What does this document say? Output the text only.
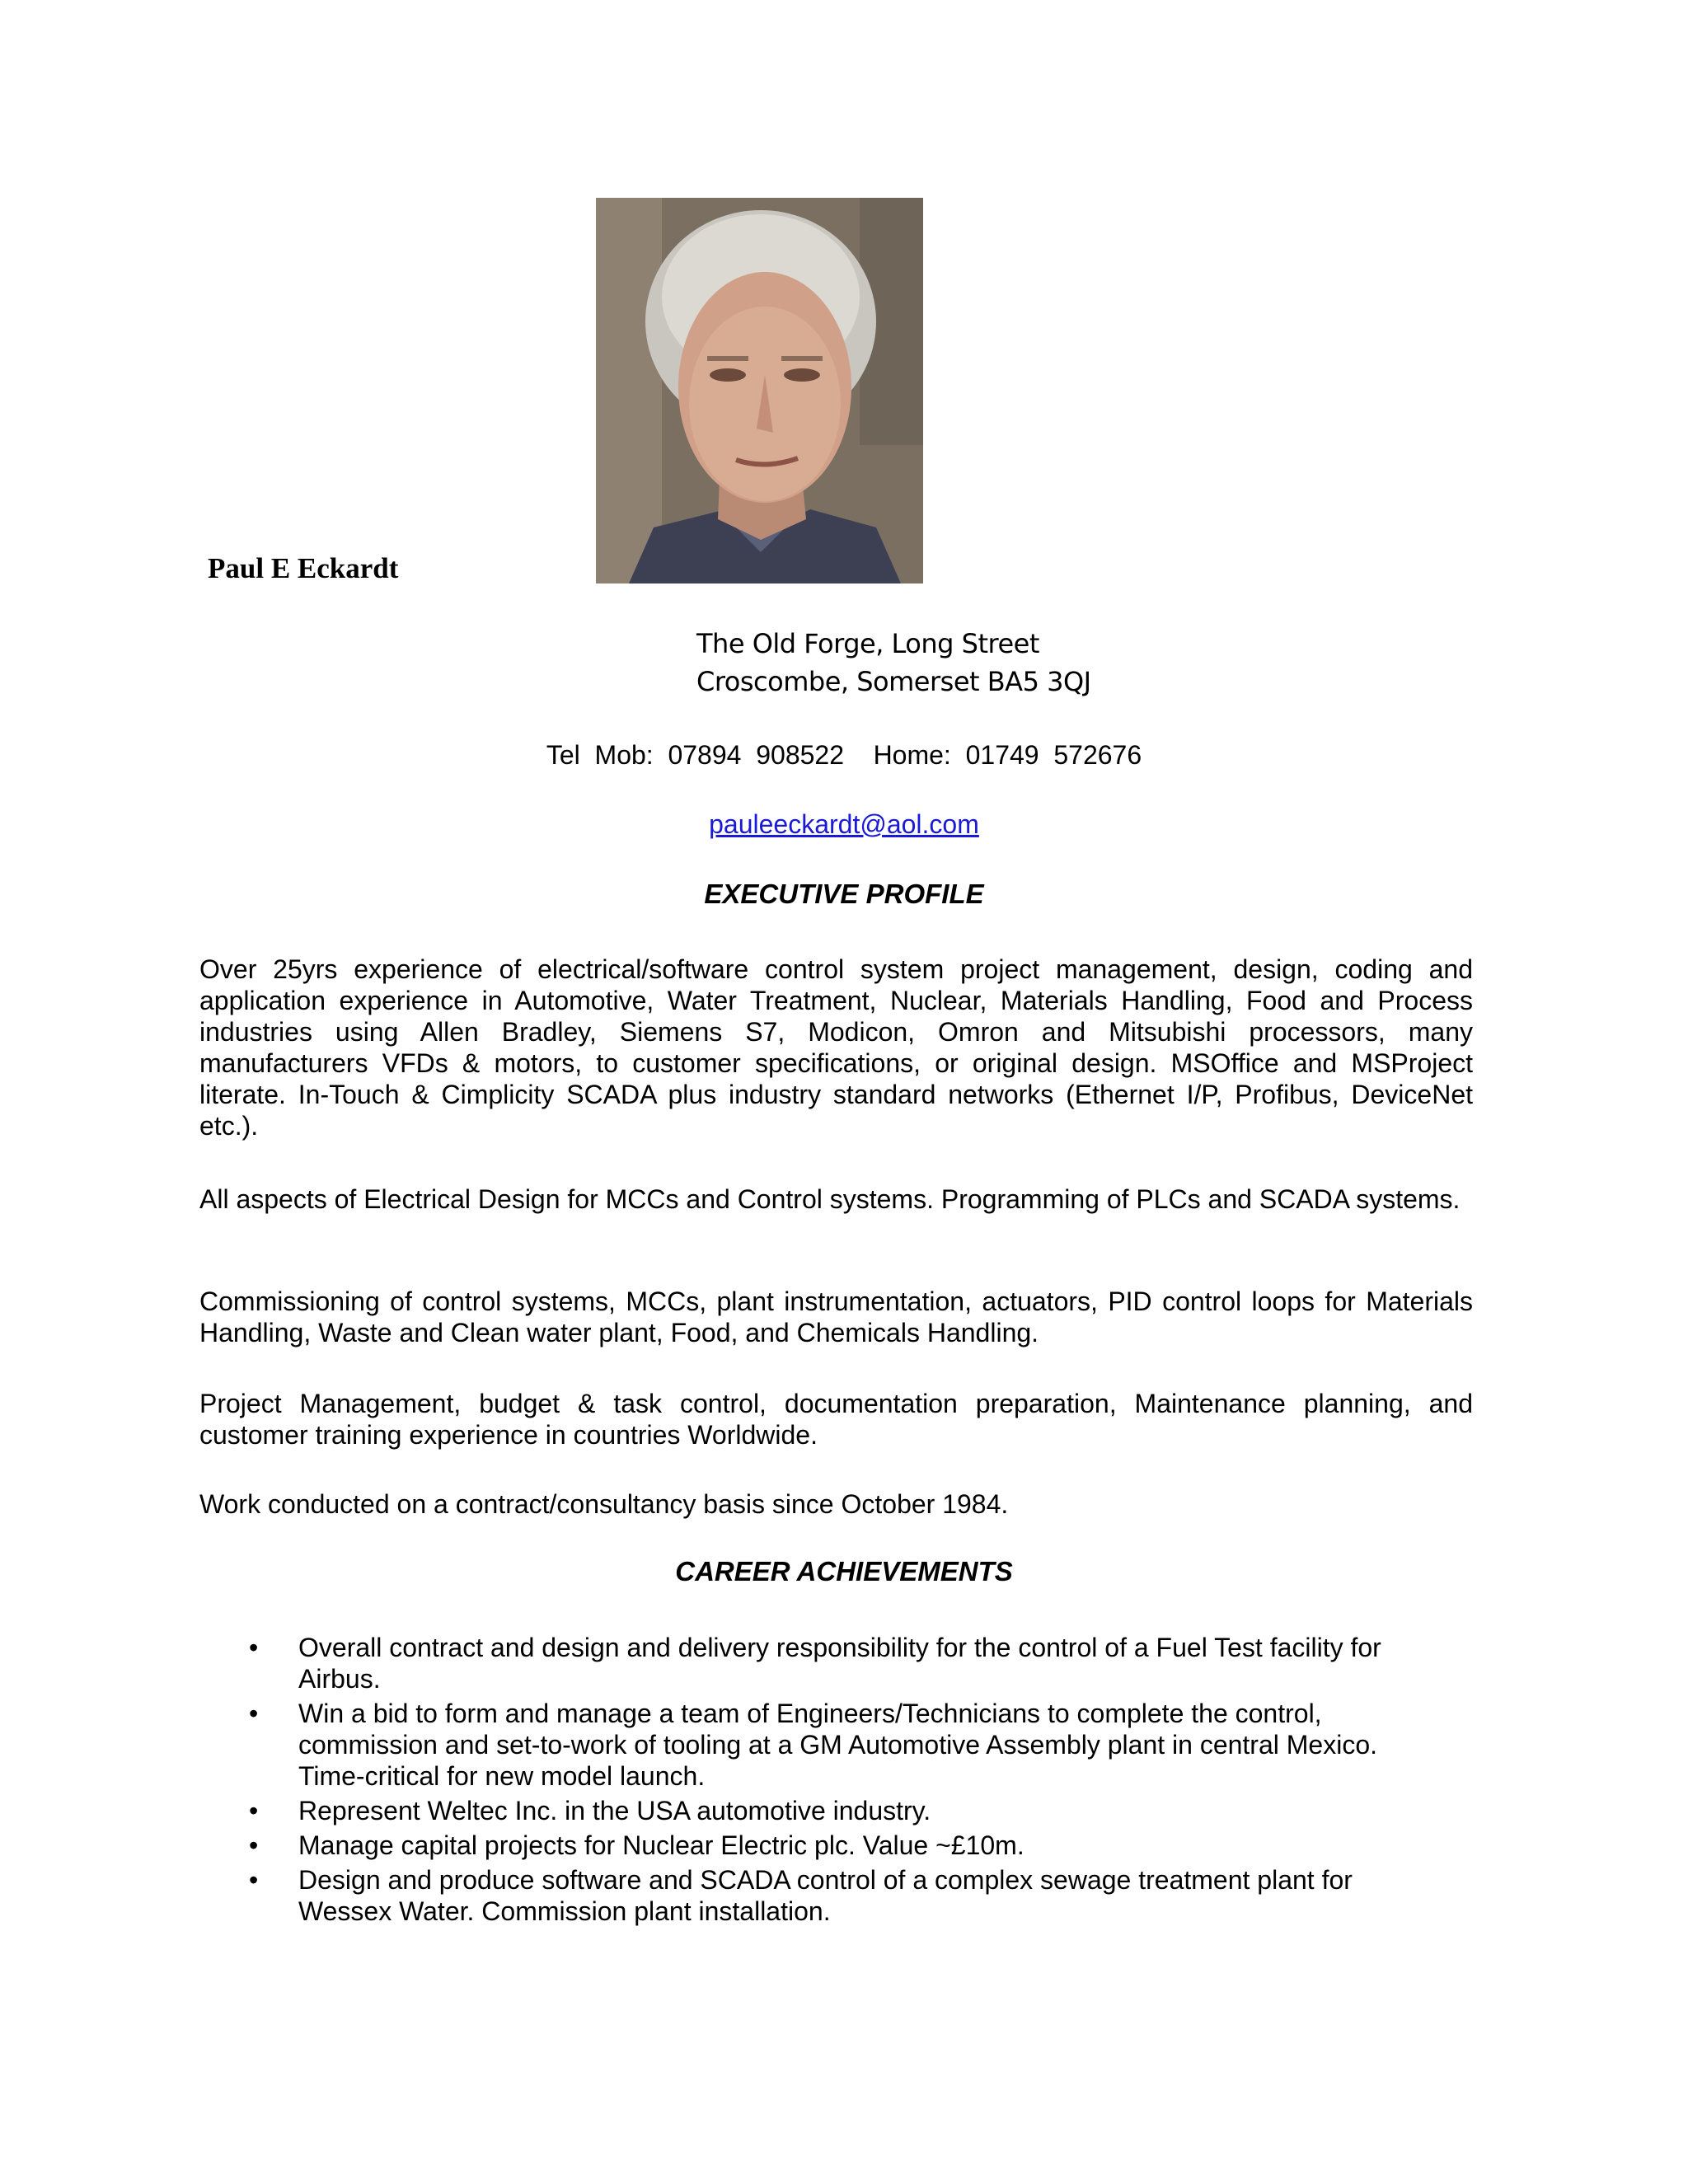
Paul E Eckardt
The Old Forge, Long Street
Croscombe, Somerset BA5 3QJ
Tel  Mob:  07894  908522    Home:  01749  572676
pauleeckardt@aol.com
EXECUTIVE PROFILE
Over 25yrs experience of electrical/software control system project management, design, coding and application experience in Automotive, Water Treatment, Nuclear, Materials Handling, Food and Process industries using Allen Bradley, Siemens S7, Modicon, Omron and Mitsubishi processors, many manufacturers VFDs & motors, to customer specifications, or original design. MSOffice and MSProject literate. In-Touch & Cimplicity SCADA plus industry standard networks (Ethernet I/P, Profibus, DeviceNet etc.).
All aspects of Electrical Design for MCCs and Control systems. Programming of PLCs and SCADA systems.
Commissioning of control systems, MCCs, plant instrumentation, actuators, PID control loops for Materials Handling, Waste and Clean water plant, Food, and Chemicals Handling.
Project Management, budget & task control, documentation preparation, Maintenance planning, and customer training experience in countries Worldwide.
Work conducted on a contract/consultancy basis since October 1984.
CAREER ACHIEVEMENTS
• Overall contract and design and delivery responsibility for the control of a Fuel Test facility for Airbus.
• Win a bid to form and manage a team of Engineers/Technicians to complete the control, commission and set-to-work of tooling at a GM Automotive Assembly plant in central Mexico. Time-critical for new model launch.
• Represent Weltec Inc. in the USA automotive industry.
• Manage capital projects for Nuclear Electric plc. Value ~£10m.
• Design and produce software and SCADA control of a complex sewage treatment plant for Wessex Water. Commission plant installation.
